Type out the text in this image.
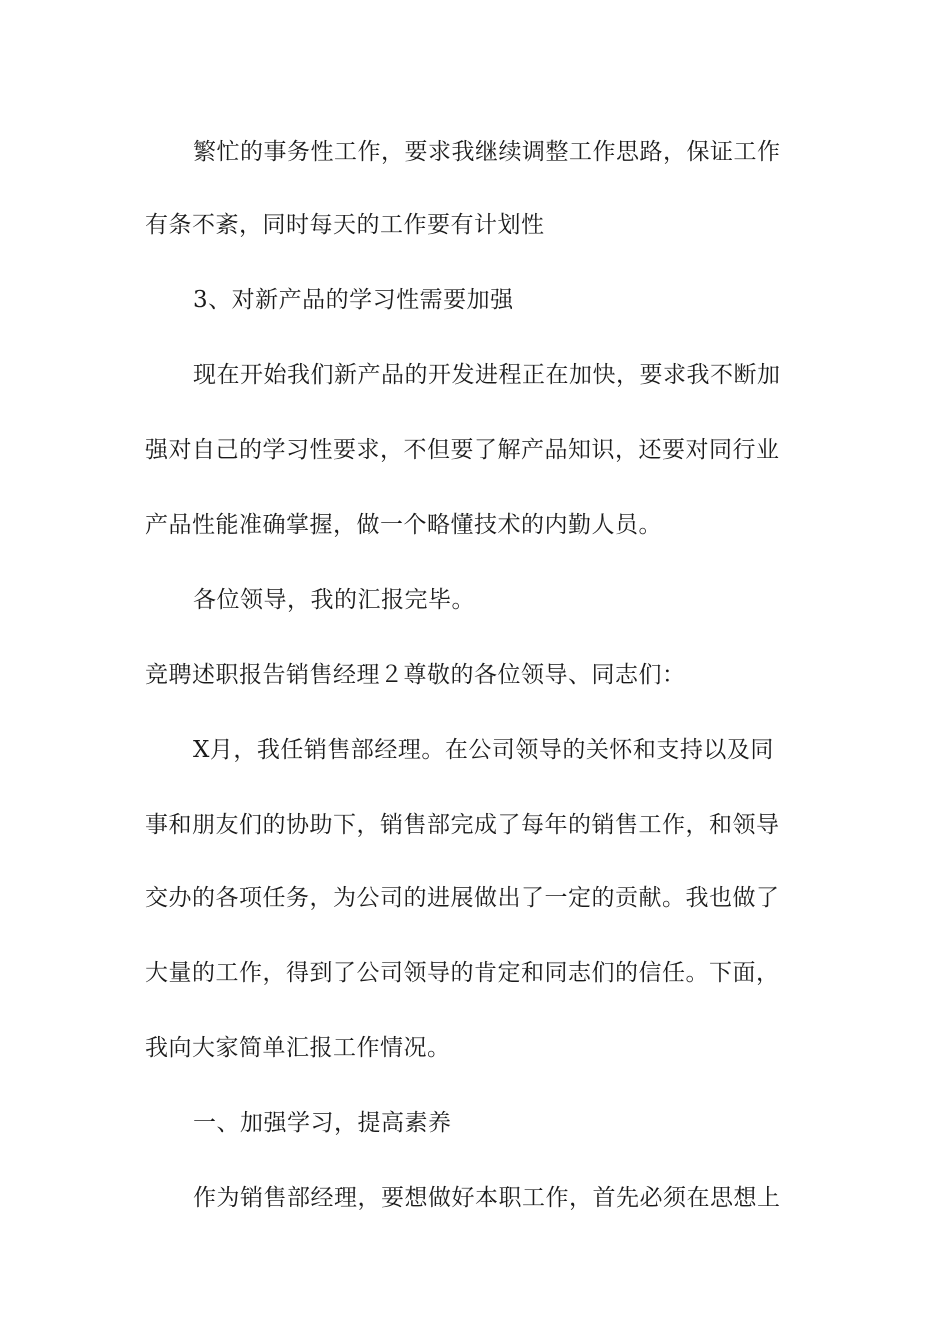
繁忙的事务性工作，要求我继续调整工作思路，保证工作
有条不紊，同时每天的工作要有计划性
3、对新产品的学习性需要加强
现在开始我们新产品的开发进程正在加快，要求我不断加
强对自己的学习性要求，不但要了解产品知识，还要对同行业
产品性能准确掌握，做一个略懂技术的内勤人员。
各位领导，我的汇报完毕。
竞聘述职报告销售经理２尊敬的各位领导、同志们：
X月，我任销售部经理。在公司领导的关怀和支持以及同
事和朋友们的协助下，销售部完成了每年的销售工作，和领导
交办的各项任务，为公司的进展做出了一定的贡献。我也做了
大量的工作，得到了公司领导的肯定和同志们的信任。下面，
我向大家简单汇报工作情况。
一、加强学习，提高素养
作为销售部经理，要想做好本职工作，首先必须在思想上
